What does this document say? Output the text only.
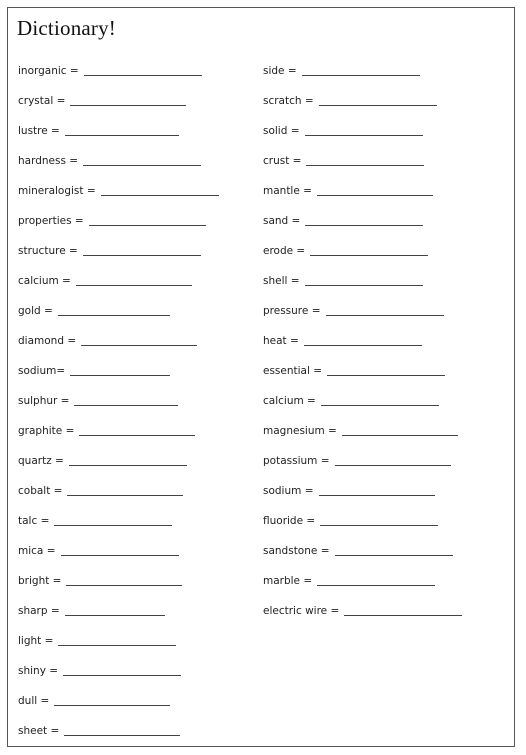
Dictionary!
inorganic =
crystal =
lustre =
hardness =
mineralogist =
properties =
structure =
calcium =
gold =
diamond =
sodium=
sulphur =
graphite =
quartz =
cobalt =
talc =
mica =
bright =
sharp =
light =
shiny =
dull =
sheet =
side =
scratch =
solid =
crust =
mantle =
sand =
erode =
shell =
pressure =
heat =
essential =
calcium =
magnesium =
potassium =
sodium =
fluoride =
sandstone =
marble =
electric wire =
